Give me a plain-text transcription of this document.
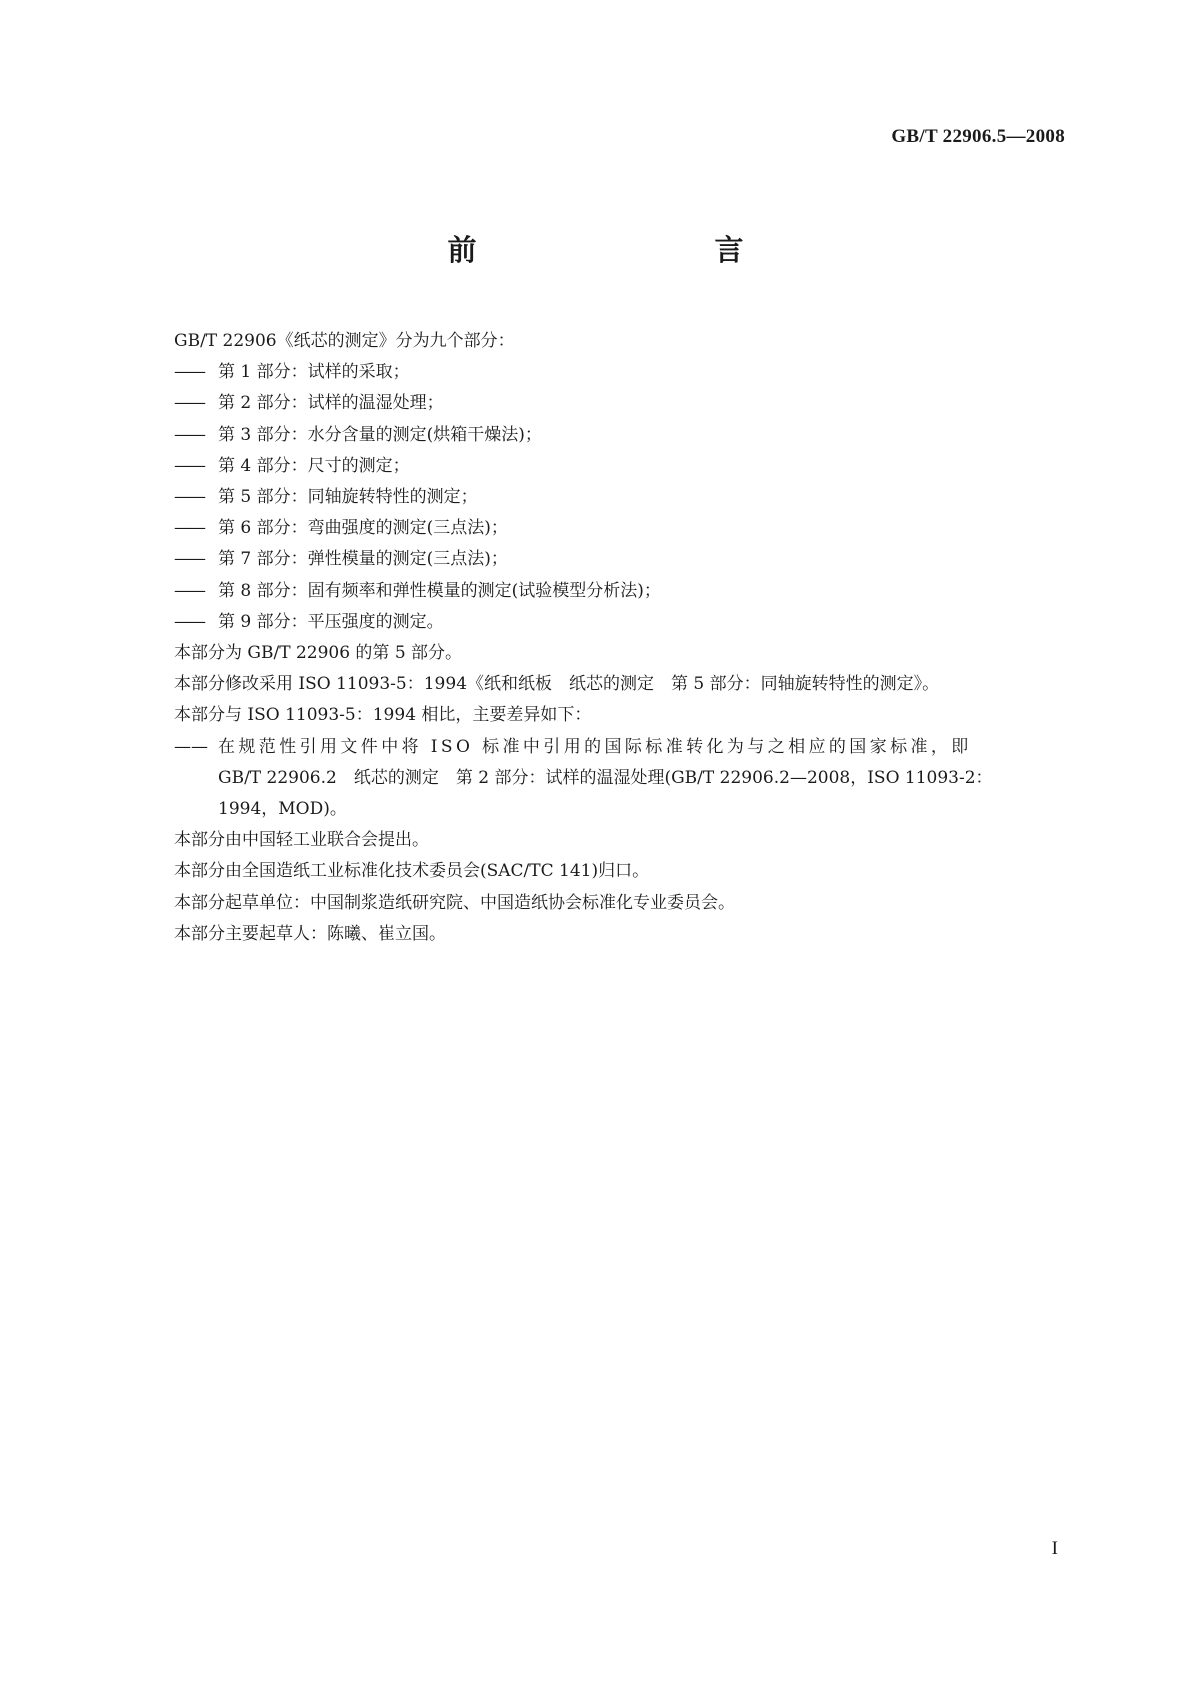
GB/T 22906.5—2008
前　　言

GB/T 22906《纸芯的测定》分为九个部分：

—— 第 1 部分：试样的采取；

—— 第 2 部分：试样的温湿处理；

—— 第 3 部分：水分含量的测定(烘箱干燥法)；

—— 第 4 部分：尺寸的测定；

—— 第 5 部分：同轴旋转特性的测定；

—— 第 6 部分：弯曲强度的测定(三点法)；

—— 第 7 部分：弹性模量的测定(三点法)；

—— 第 8 部分：固有频率和弹性模量的测定(试验模型分析法)；

—— 第 9 部分：平压强度的测定。

本部分为 GB/T 22906 的第 5 部分。

本部分修改采用 ISO 11093-5：1994《纸和纸板　纸芯的测定　第 5 部分：同轴旋转特性的测定》。

本部分与 ISO 11093-5：1994 相比，主要差异如下：

—— 在规范性引用文件中将 ISO 标准中引用的国际标准转化为与之相应的国家标准，即
GB/T 22906.2　纸芯的测定　第 2 部分：试样的温湿处理(GB/T 22906.2—2008，ISO 11093-2：
1994，MOD)。

本部分由中国轻工业联合会提出。

本部分由全国造纸工业标准化技术委员会(SAC/TC 141)归口。

本部分起草单位：中国制浆造纸研究院、中国造纸协会标准化专业委员会。

本部分主要起草人：陈曦、崔立国。

I
